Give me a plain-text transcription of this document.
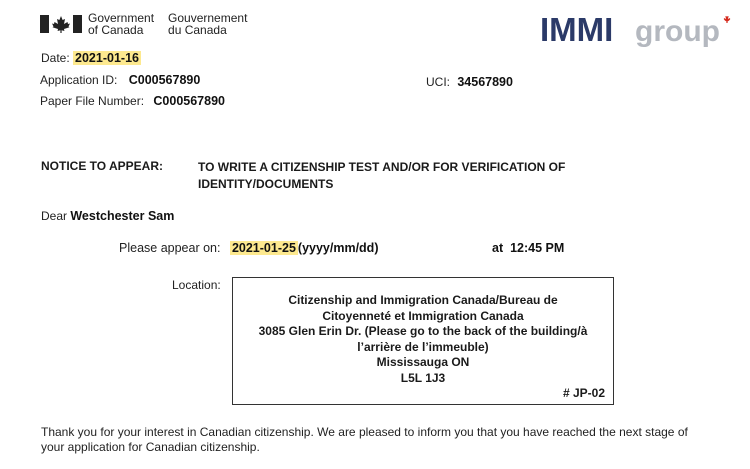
Government
of Canada
Gouvernement
du Canada	IMMI group
Date: 2021-01-16
Application ID: C000567890	UCI: 34567890
Paper File Number: C000567890
NOTICE TO APPEAR:	TO WRITE A CITIZENSHIP TEST AND/OR FOR VERIFICATION OF IDENTITY/DOCUMENTS
Dear Westchester Sam
Please appear on: 2021-01-25 (yyyy/mm/dd)	at 12:45 PM
Location:
Citizenship and Immigration Canada/Bureau de
Citoyenneté et Immigration Canada
3085 Glen Erin Dr. (Please go to the back of the building/à
l’arrière de l’immeuble)
Mississauga ON
L5L 1J3
# JP-02
Thank you for your interest in Canadian citizenship. We are pleased to inform you that you have reached the next stage of your application for Canadian citizenship.
